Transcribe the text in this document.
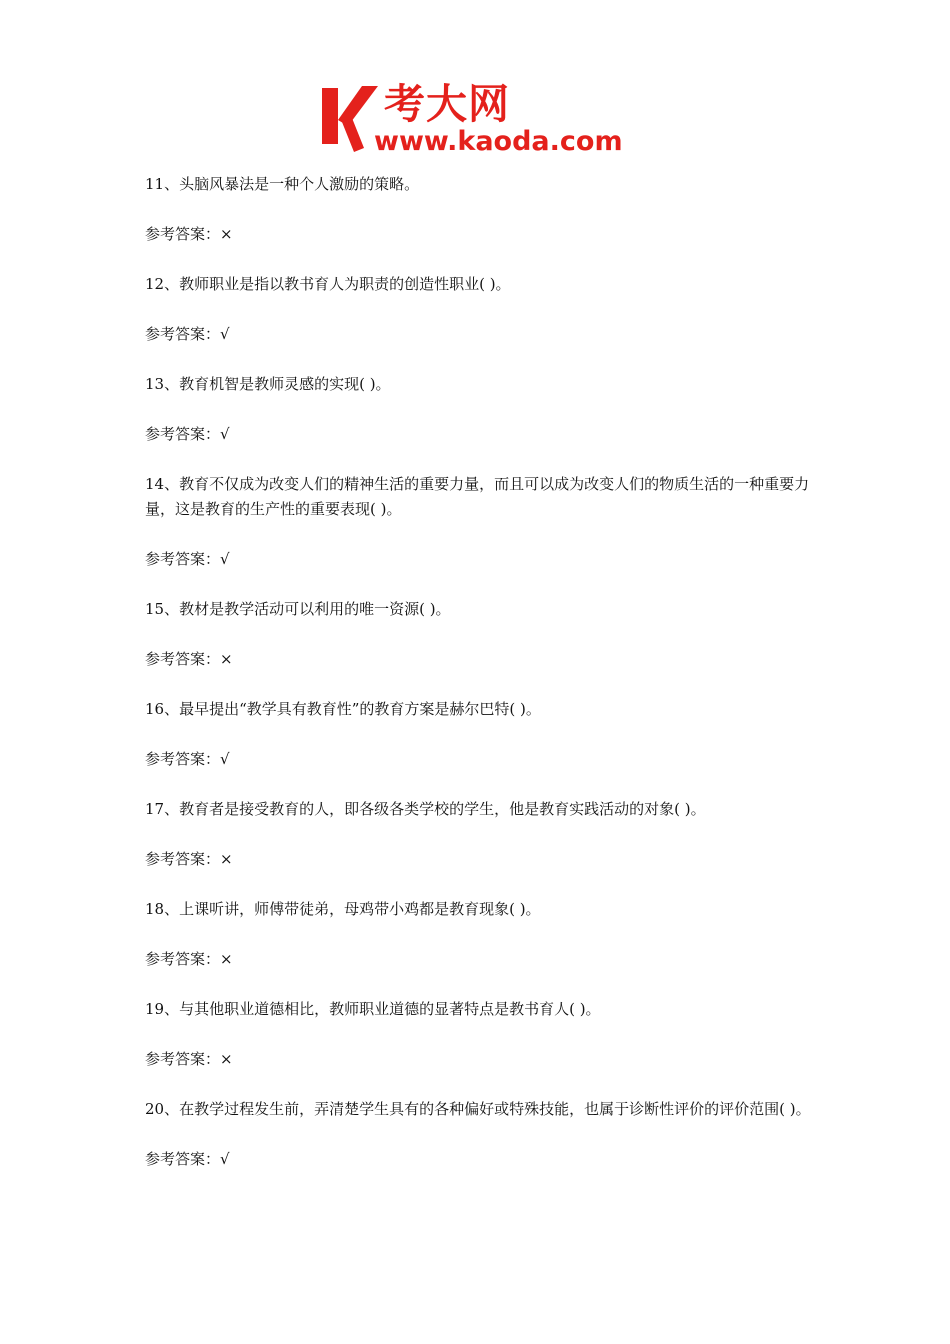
考大网
www.kaoda.com

11、头脑风暴法是一种个人激励的策略。

参考答案：×

12、教师职业是指以教书育人为职责的创造性职业( )。

参考答案：√

13、教育机智是教师灵感的实现( )。

参考答案：√

14、教育不仅成为改变人们的精神生活的重要力量，而且可以成为改变人们的物质生活的一种重要力量，这是教育的生产性的重要表现( )。

参考答案：√

15、教材是教学活动可以利用的唯一资源( )。

参考答案：×

16、最早提出“教学具有教育性”的教育方案是赫尔巴特( )。

参考答案：√

17、教育者是接受教育的人，即各级各类学校的学生，他是教育实践活动的对象( )。

参考答案：×

18、上课听讲，师傅带徒弟，母鸡带小鸡都是教育现象( )。

参考答案：×

19、与其他职业道德相比，教师职业道德的显著特点是教书育人( )。

参考答案：×

20、在教学过程发生前，弄清楚学生具有的各种偏好或特殊技能，也属于诊断性评价的评价范围( )。

参考答案：√
